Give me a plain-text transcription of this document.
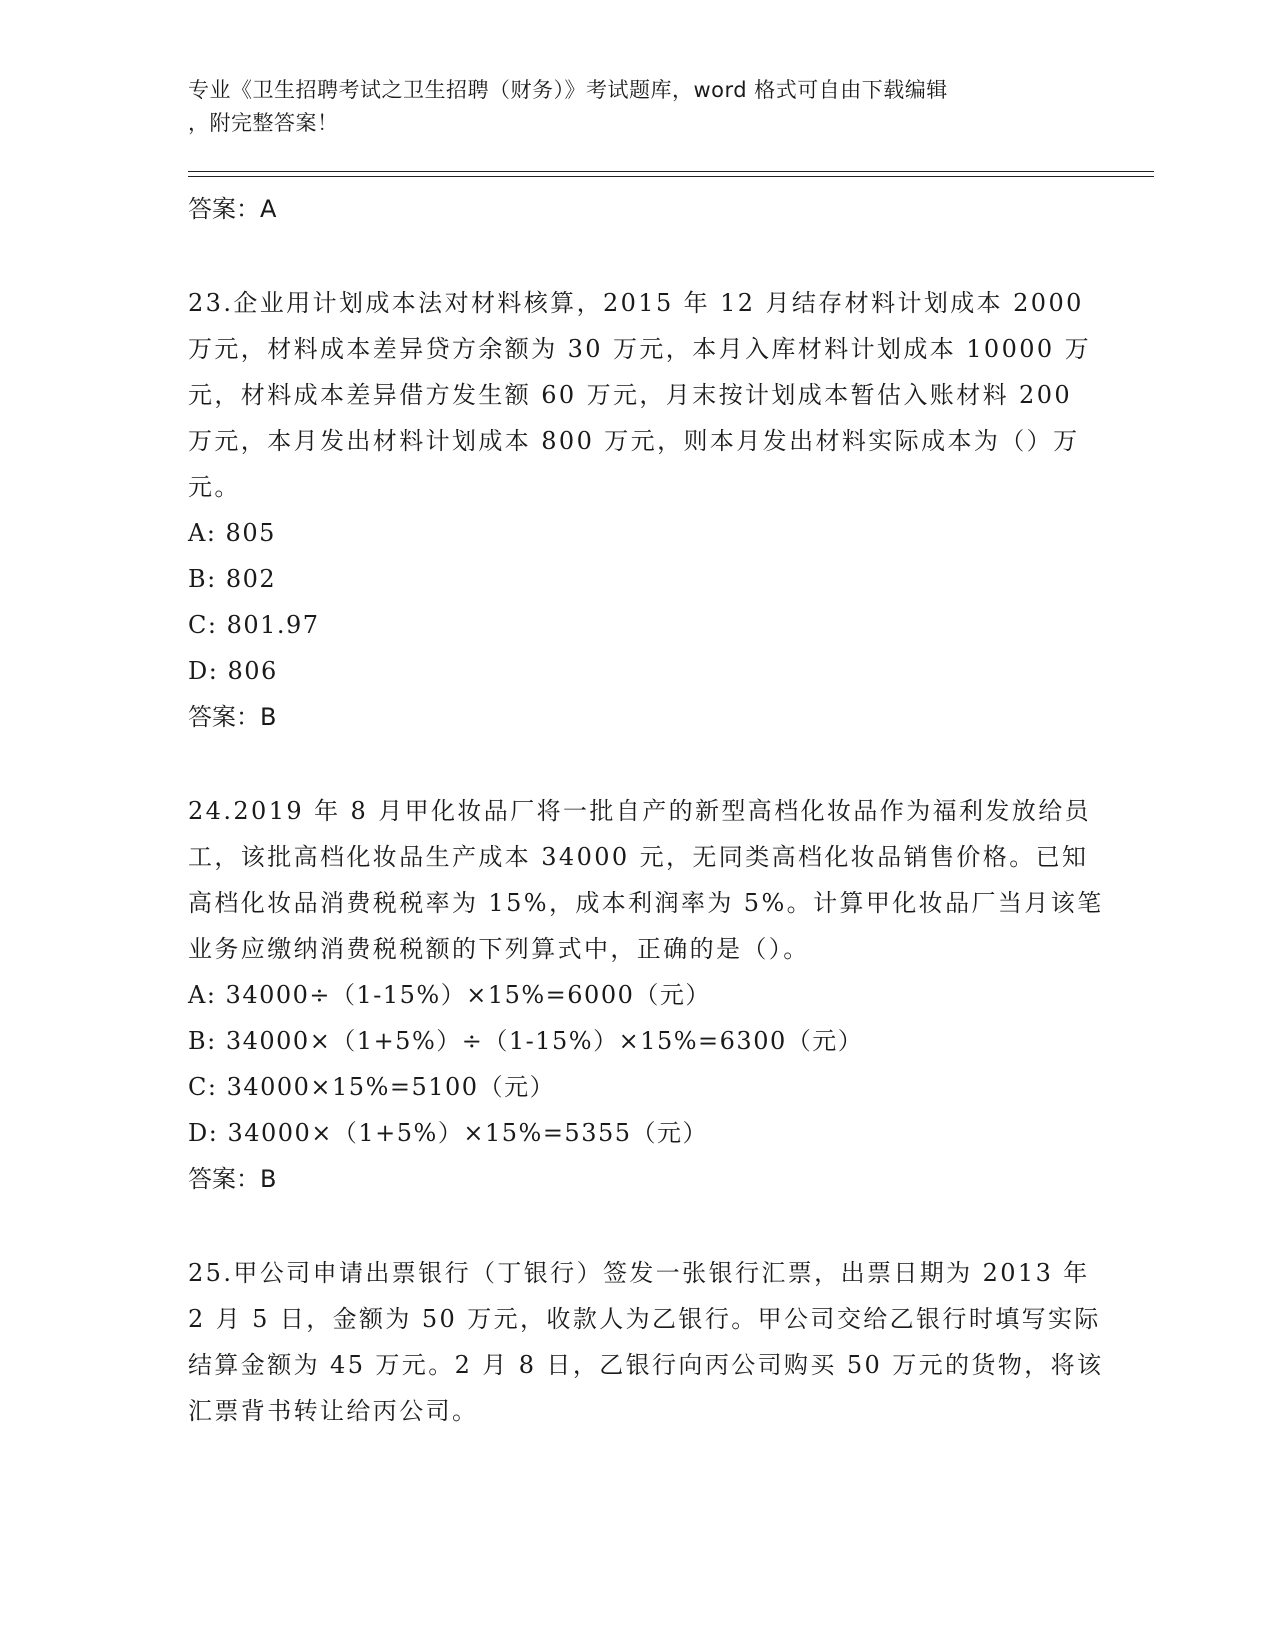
专业《卫生招聘考试之卫生招聘（财务）》考试题库，word 格式可自由下载编辑
，附完整答案！
答案：A
23.企业用计划成本法对材料核算，2015 年 12 月结存材料计划成本 2000 万元，材料成本差异贷方余额为 30 万元，本月入库材料计划成本 10000 万元，材料成本差异借方发生额 60 万元，月末按计划成本暂估入账材料 200 万元，本月发出材料计划成本 800 万元，则本月发出材料实际成本为（）万元。
A: 805
B: 802
C: 801.97
D: 806
答案：B
24.2019 年 8 月甲化妆品厂将一批自产的新型高档化妆品作为福利发放给员工，该批高档化妆品生产成本 34000 元，无同类高档化妆品销售价格。已知高档化妆品消费税税率为 15%，成本利润率为 5%。计算甲化妆品厂当月该笔业务应缴纳消费税税额的下列算式中，正确的是（）。
A: 34000÷（1-15%）×15%=6000（元）
B: 34000×（1+5%）÷（1-15%）×15%=6300（元）
C: 34000×15%=5100（元）
D: 34000×（1+5%）×15%=5355（元）
答案：B
25.甲公司申请出票银行（丁银行）签发一张银行汇票，出票日期为 2013 年 2 月 5 日，金额为 50 万元，收款人为乙银行。甲公司交给乙银行时填写实际结算金额为 45 万元。2 月 8 日，乙银行向丙公司购买 50 万元的货物，将该汇票背书转让给丙公司。
